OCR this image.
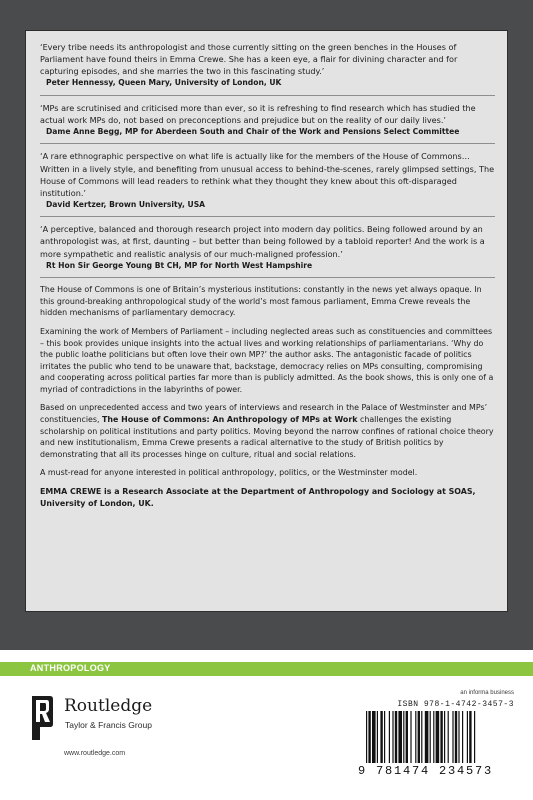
‘Every tribe needs its anthropologist and those currently sitting on the green benches in the Houses of Parliament have found theirs in Emma Crewe. She has a keen eye, a flair for divining character and for capturing episodes, and she marries the two in this fascinating study.’

Peter Hennessy, Queen Mary, University of London, UK

‘MPs are scrutinised and criticised more than ever, so it is refreshing to find research which has studied the actual work MPs do, not based on preconceptions and prejudice but on the reality of our daily lives.’

Dame Anne Begg, MP for Aberdeen South and Chair of the Work and Pensions Select Committee

‘A rare ethnographic perspective on what life is actually like for the members of the House of Commons… Written in a lively style, and benefiting from unusual access to behind-the-scenes, rarely glimpsed settings, The House of Commons will lead readers to rethink what they thought they knew about this oft-disparaged institution.’

David Kertzer, Brown University, USA

‘A perceptive, balanced and thorough research project into modern day politics. Being followed around by an anthropologist was, at first, daunting – but better than being followed by a tabloid reporter! And the work is a more sympathetic and realistic analysis of our much-maligned profession.’

Rt Hon Sir George Young Bt CH, MP for North West Hampshire

The House of Commons is one of Britain’s mysterious institutions: constantly in the news yet always opaque. In this ground-breaking anthropological study of the world’s most famous parliament, Emma Crewe reveals the hidden mechanisms of parliamentary democracy.

Examining the work of Members of Parliament – including neglected areas such as constituencies and committees – this book provides unique insights into the actual lives and working relationships of parliamentarians. ‘Why do the public loathe politicians but often love their own MP?’ the author asks. The antagonistic facade of politics irritates the public who tend to be unaware that, backstage, democracy relies on MPs consulting, compromising and cooperating across political parties far more than is publicly admitted. As the book shows, this is only one of a myriad of contradictions in the labyrinths of power.

Based on unprecedented access and two years of interviews and research in the Palace of Westminster and MPs’ constituencies, The House of Commons: An Anthropology of MPs at Work challenges the existing scholarship on political institutions and party politics. Moving beyond the narrow confines of rational choice theory and new institutionalism, Emma Crewe presents a radical alternative to the study of British politics by demonstrating that all its processes hinge on culture, ritual and social relations.

A must-read for anyone interested in political anthropology, politics, or the Westminster model.

EMMA CREWE is a Research Associate at the Department of Anthropology and Sociology at SOAS, University of London, UK.

ANTHROPOLOGY
Routledge
Taylor & Francis Group
www.routledge.com
an informa business
ISBN 978-1-4742-3457-3
9 781474 234573
